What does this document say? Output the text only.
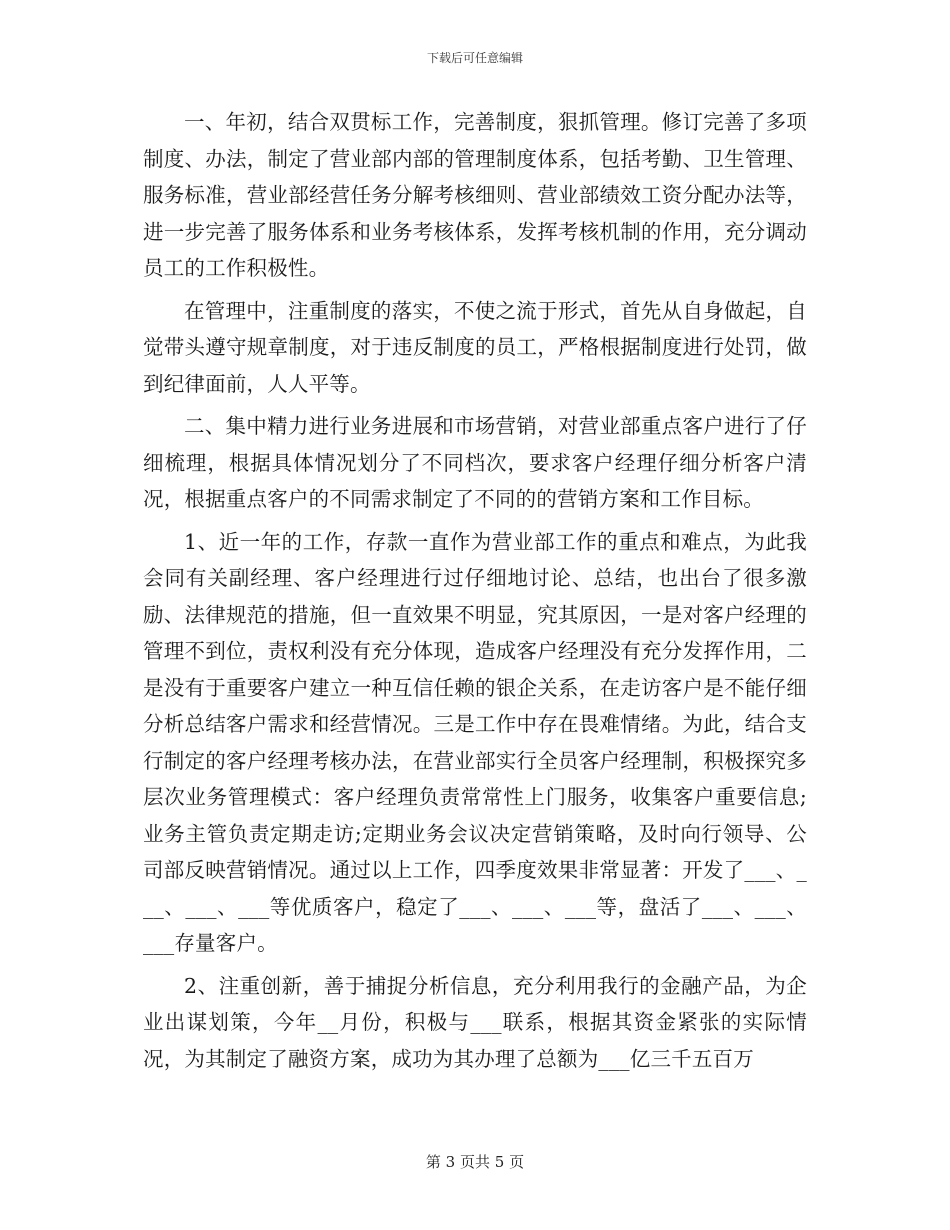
下载后可任意编辑

一、年初，结合双贯标工作，完善制度，狠抓管理。修订完善了多项制度、办法，制定了营业部内部的管理制度体系，包括考勤、卫生管理、服务标准，营业部经营任务分解考核细则、营业部绩效工资分配办法等，进一步完善了服务体系和业务考核体系，发挥考核机制的作用，充分调动员工的工作积极性。

在管理中，注重制度的落实，不使之流于形式，首先从自身做起，自觉带头遵守规章制度，对于违反制度的员工，严格根据制度进行处罚，做到纪律面前，人人平等。

二、集中精力进行业务进展和市场营销，对营业部重点客户进行了仔细梳理，根据具体情况划分了不同档次，要求客户经理仔细分析客户清况，根据重点客户的不同需求制定了不同的的营销方案和工作目标。

1、近一年的工作，存款一直作为营业部工作的重点和难点，为此我会同有关副经理、客户经理进行过仔细地讨论、总结，也出台了很多激励、法律规范的措施，但一直效果不明显，究其原因，一是对客户经理的管理不到位，责权利没有充分体现，造成客户经理没有充分发挥作用，二是没有于重要客户建立一种互信任赖的银企关系，在走访客户是不能仔细分析总结客户需求和经营情况。三是工作中存在畏难情绪。为此，结合支行制定的客户经理考核办法，在营业部实行全员客户经理制，积极探究多层次业务管理模式：客户经理负责常常性上门服务，收集客户重要信息;业务主管负责定期走访;定期业务会议决定营销策略，及时向行领导、公司部反映营销情况。通过以上工作，四季度效果非常显著：开发了___、___、___、___等优质客户，稳定了___、___、___等，盘活了___、___、___存量客户。

2、注重创新，善于捕捉分析信息，充分利用我行的金融产品，为企业出谋划策，今年__月份，积极与___联系，根据其资金紧张的实际情况，为其制定了融资方案，成功为其办理了总额为___亿三千五百万

第 3 页共 5 页
